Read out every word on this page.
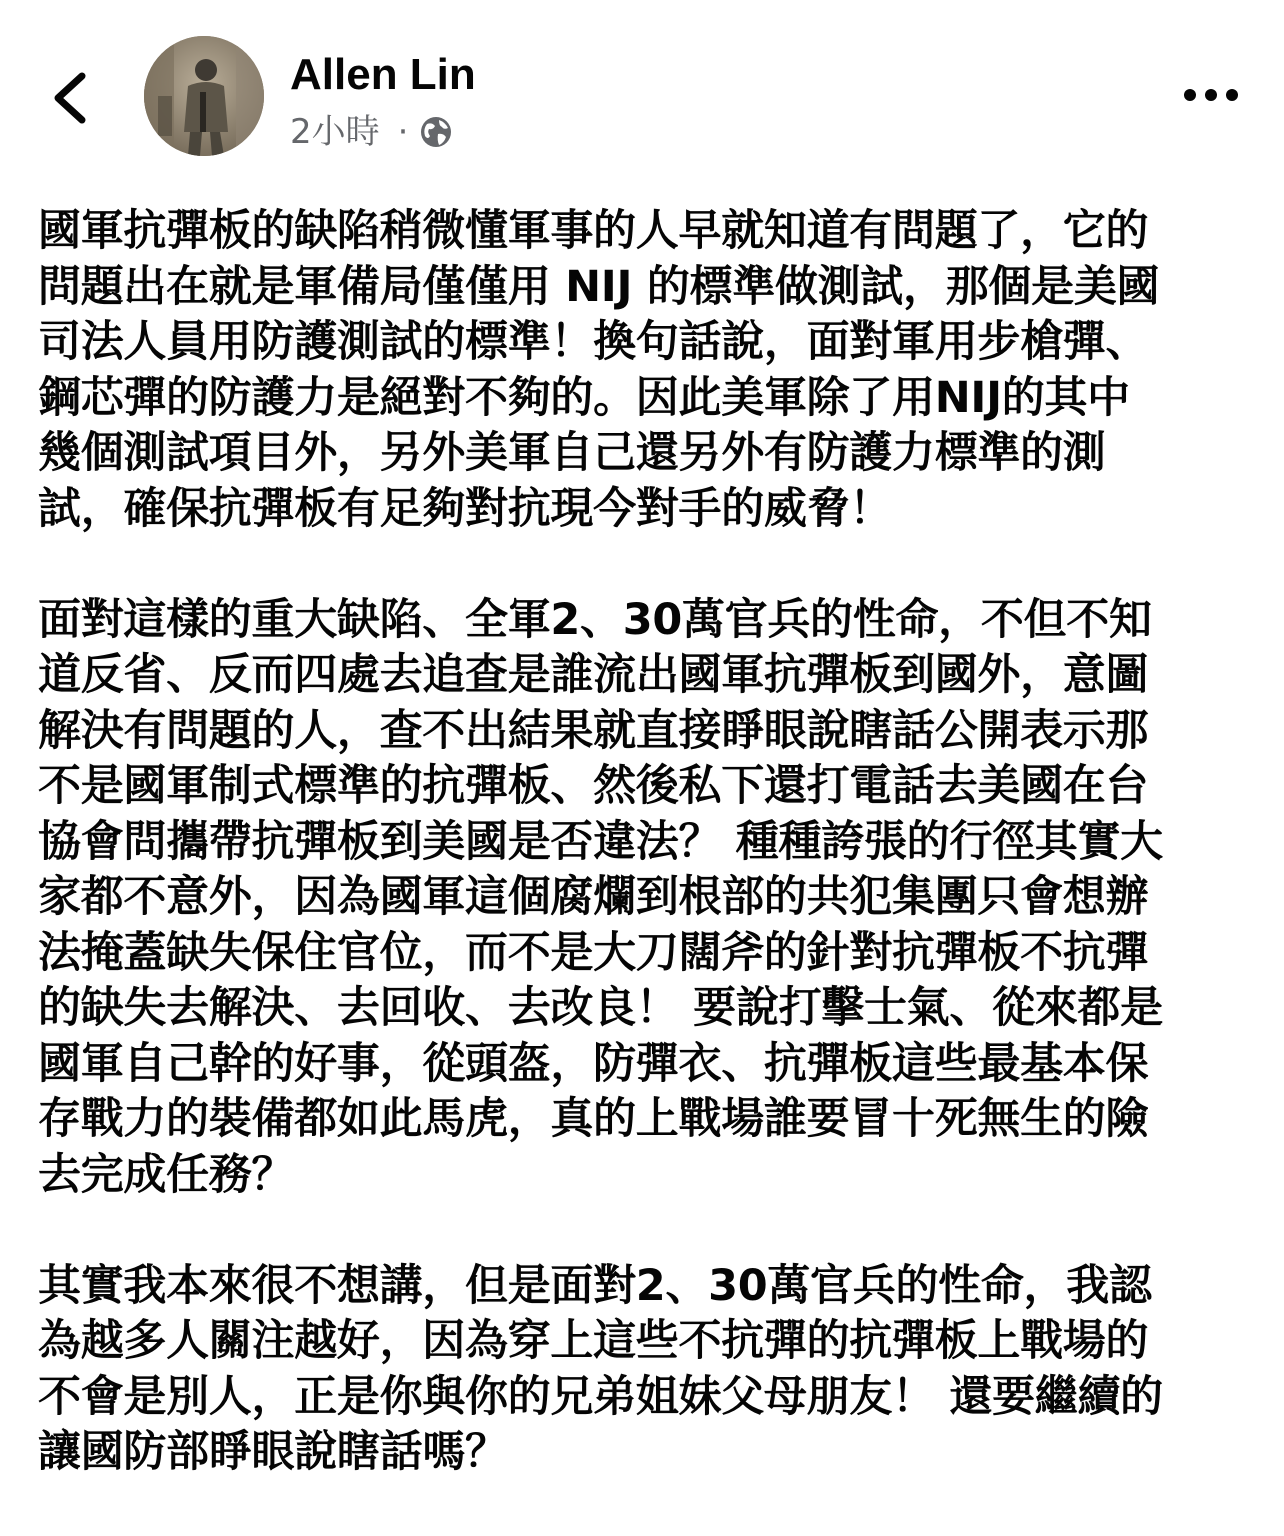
Allen Lin
2小時 ·
國軍抗彈板的缺陷稍微懂軍事的人早就知道有問題了，它的
問題出在就是軍備局僅僅用 NIJ 的標準做測試，那個是美國
司法人員用防護測試的標準！換句話說，面對軍用步槍彈、
鋼芯彈的防護力是絕對不夠的。因此美軍除了用NIJ的其中
幾個測試項目外，另外美軍自己還另外有防護力標準的測
試，確保抗彈板有足夠對抗現今對手的威脅！
面對這樣的重大缺陷、全軍2、30萬官兵的性命，不但不知
道反省、反而四處去追查是誰流出國軍抗彈板到國外，意圖
解決有問題的人，查不出結果就直接睜眼說瞎話公開表示那
不是國軍制式標準的抗彈板、然後私下還打電話去美國在台
協會問攜帶抗彈板到美國是否違法？ 種種誇張的行徑其實大
家都不意外，因為國軍這個腐爛到根部的共犯集團只會想辦
法掩蓋缺失保住官位，而不是大刀闊斧的針對抗彈板不抗彈
的缺失去解決、去回收、去改良！ 要說打擊士氣、從來都是
國軍自己幹的好事，從頭盔，防彈衣、抗彈板這些最基本保
存戰力的裝備都如此馬虎，真的上戰場誰要冒十死無生的險
去完成任務？
其實我本來很不想講，但是面對2、30萬官兵的性命，我認
為越多人關注越好，因為穿上這些不抗彈的抗彈板上戰場的
不會是別人，正是你與你的兄弟姐妹父母朋友！ 還要繼續的
讓國防部睜眼說瞎話嗎？
